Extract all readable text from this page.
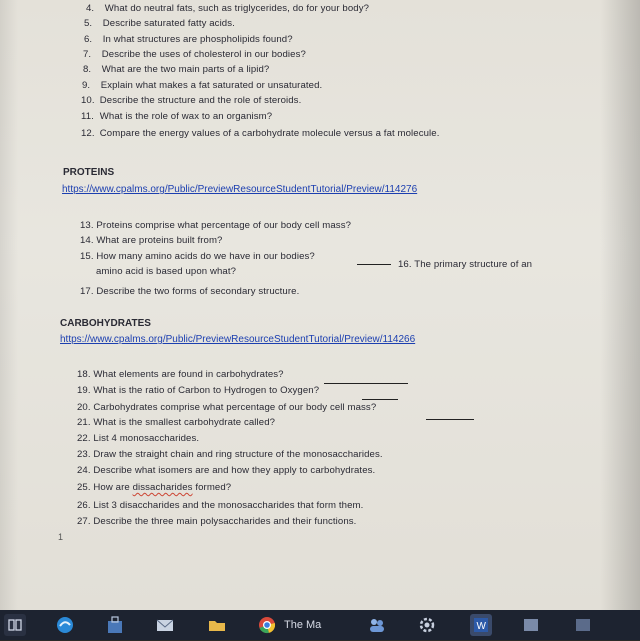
4. What do neutral fats, such as triglycerides, do for your body?
5. Describe saturated fatty acids.
6. In what structures are phospholipids found?
7. Describe the uses of cholesterol in our bodies?
8. What are the two main parts of a lipid?
9. Explain what makes a fat saturated or unsaturated.
10. Describe the structure and the role of steroids.
11. What is the role of wax to an organism?
12. Compare the energy values of a carbohydrate molecule versus a fat molecule.
PROTEINS
https://www.cpalms.org/Public/PreviewResourceStudentTutorial/Preview/114276
13. Proteins comprise what percentage of our body cell mass?
14. What are proteins built from?
15. How many amino acids do we have in our bodies?
16. The primary structure of an
amino acid is based upon what?
17. Describe the two forms of secondary structure.
CARBOHYDRATES
https://www.cpalms.org/Public/PreviewResourceStudentTutorial/Preview/114266
18. What elements are found in carbohydrates?
19. What is the ratio of Carbon to Hydrogen to Oxygen?
20. Carbohydrates comprise what percentage of our body cell mass?
21. What is the smallest carbohydrate called?
22. List 4 monosaccharides.
23. Draw the straight chain and ring structure of the monosaccharides.
24. Describe what isomers are and how they apply to carbohydrates.
25. How are dissacharides formed?
26. List 3 disaccharides and the monosaccharides that form them.
27. Describe the three main polysaccharides and their functions.
1
The Ma	W
